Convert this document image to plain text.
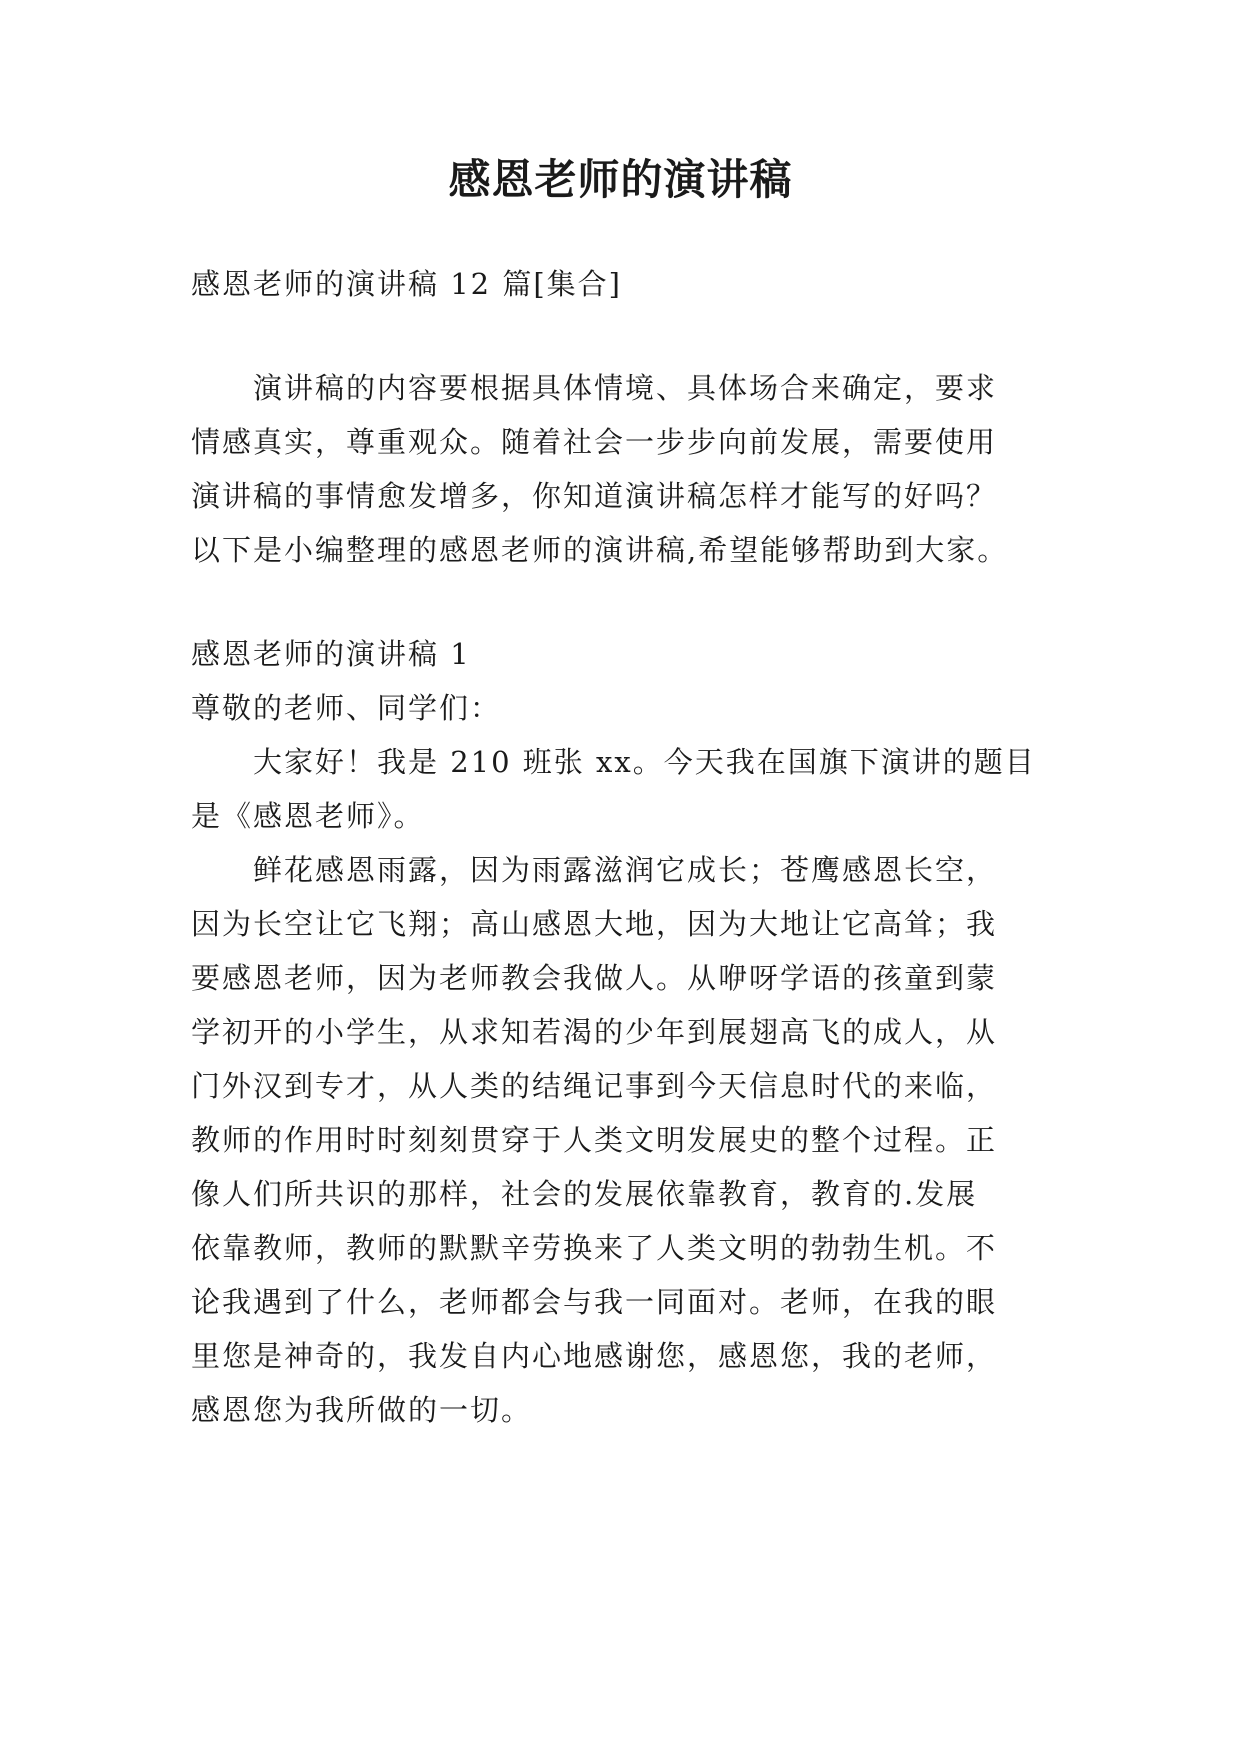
感恩老师的演讲稿
感恩老师的演讲稿 12 篇[集合]
演讲稿的内容要根据具体情境、具体场合来确定，要求
情感真实，尊重观众。随着社会一步步向前发展，需要使用
演讲稿的事情愈发增多，你知道演讲稿怎样才能写的好吗？
以下是小编整理的感恩老师的演讲稿,希望能够帮助到大家。
感恩老师的演讲稿 1
尊敬的老师、同学们：
大家好！我是 210 班张 xx。今天我在国旗下演讲的题目
是《感恩老师》。
鲜花感恩雨露，因为雨露滋润它成长；苍鹰感恩长空，
因为长空让它飞翔；高山感恩大地，因为大地让它高耸；我
要感恩老师，因为老师教会我做人。从咿呀学语的孩童到蒙
学初开的小学生，从求知若渴的少年到展翅高飞的成人，从
门外汉到专才，从人类的结绳记事到今天信息时代的来临，
教师的作用时时刻刻贯穿于人类文明发展史的整个过程。正
像人们所共识的那样，社会的发展依靠教育，教育的.发展
依靠教师，教师的默默辛劳换来了人类文明的勃勃生机。不
论我遇到了什么，老师都会与我一同面对。老师，在我的眼
里您是神奇的，我发自内心地感谢您，感恩您，我的老师，
感恩您为我所做的一切。
